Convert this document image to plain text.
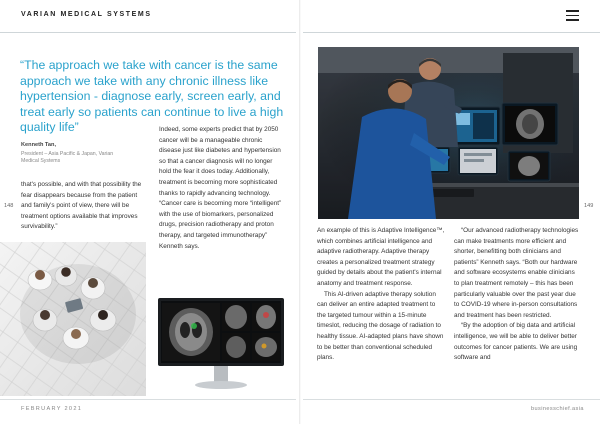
VARIAN MEDICAL SYSTEMS
“The approach we take with cancer is the same approach we take with any chronic illness like hypertension - diagnose early, screen early, and treat early so patients can continue to live a high quality life”
Kenneth Tan,
President – Asia Pacific & Japan, Varian Medical Systems

that's possible, and with that possibility the fear disappears because from the patient and family's point of view, there will be treatment options available that improves survivability.”

Indeed, some experts predict that by 2050 cancer will be a manageable chronic disease just like diabetes and hypertension so that a cancer diagnosis will no longer hold the fear it does today. Additionally, treatment is becoming more sophisticated thanks to rapidly advancing technology. “Cancer care is becoming more “intelligent” with the use of biomarkers, personalized drugs, precision radiotherapy and proton therapy, and targeted immunotherapy” Kenneth says.

An example of this is Adaptive Intelligence™, which combines artificial intelligence and adaptive radiotherapy. Adaptive therapy creates a personalized treatment strategy guided by details about the patient's internal anatomy and treatment response.

This AI-driven adaptive therapy solution can deliver an entire adapted treatment to the targeted tumour within a 15-minute timeslot, reducing the dosage of radiation to healthy tissue. AI-adapted plans have shown to be better than conventional scheduled plans.

“Our advanced radiotherapy technologies can make treatments more efficient and shorter, benefitting both clinicians and patients” Kenneth says. “Both our hardware and software ecosystems enable clinicians to plan treatment remotely – this has been particularly valuable over the past year due to COVID-19 where in-person consultations and treatment has been restricted.

“By the adoption of big data and artificial intelligence, we will be able to deliver better outcomes for cancer patients. We are using software and

148	149
FEBRUARY 2021	businesschief.asia
